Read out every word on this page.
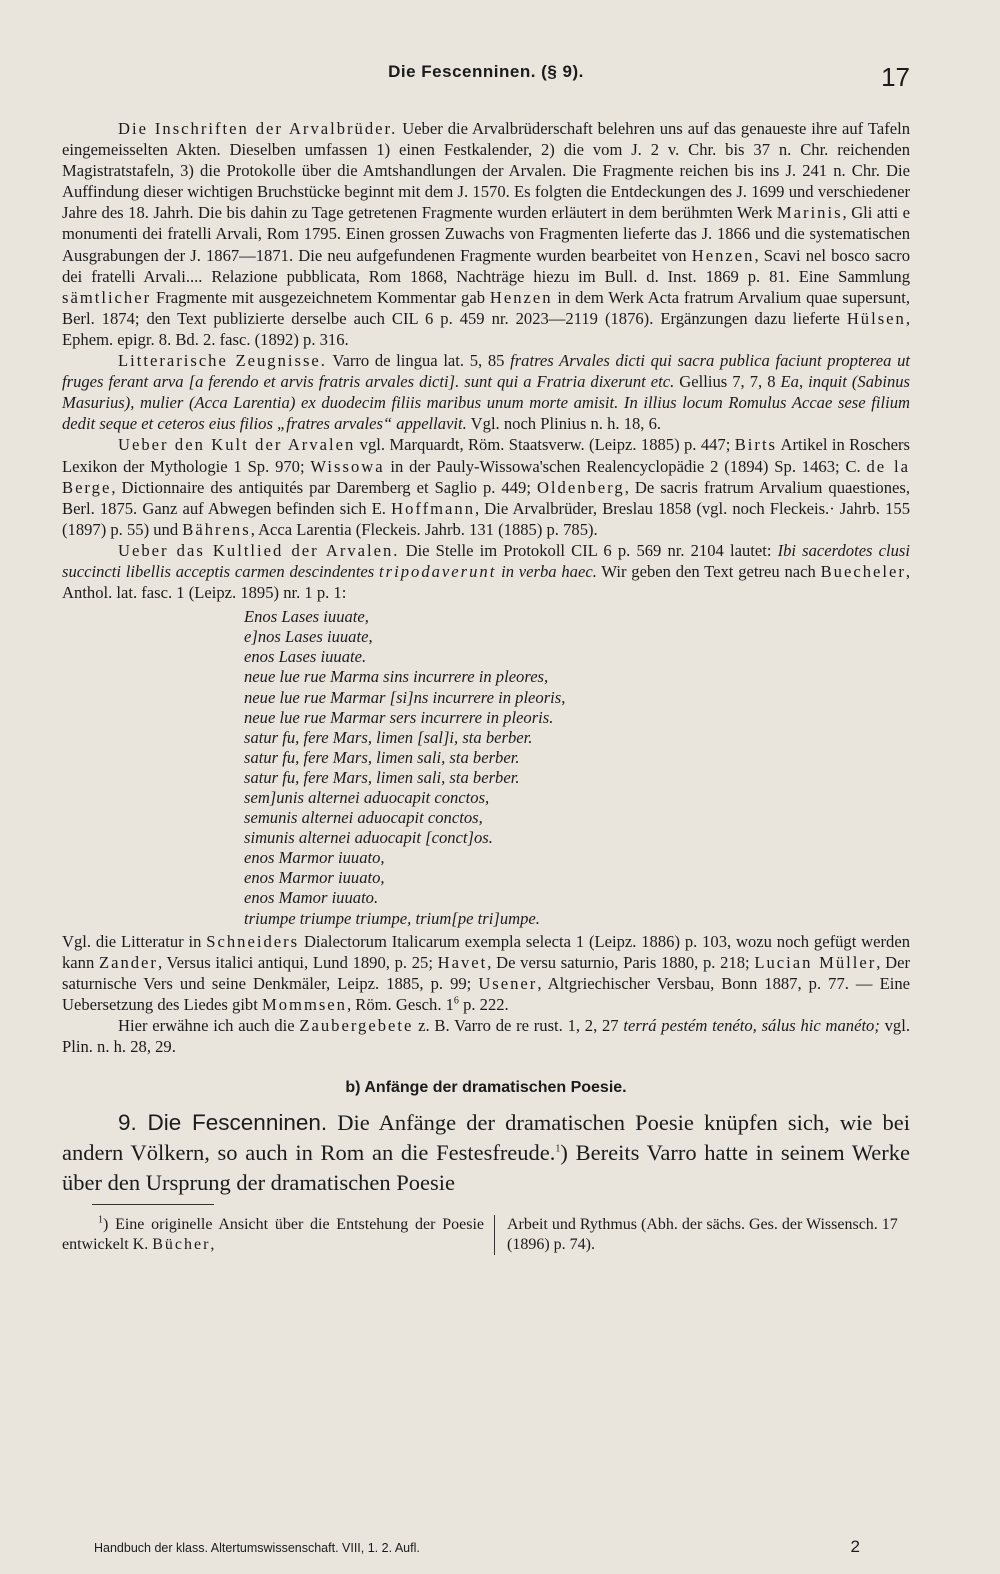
Die Fescenninen. (§ 9).	17

Die Inschriften der Arvalbrüder. Ueber die Arvalbrüderschaft belehren uns auf das genaueste ihre auf Tafeln eingemeisselten Akten. Dieselben umfassen 1) einen Festkalender, 2) die vom J. 2 v. Chr. bis 37 n. Chr. reichenden Magistratstafeln, 3) die Protokolle über die Amtshandlungen der Arvalen. Die Fragmente reichen bis ins J. 241 n. Chr. Die Auffindung dieser wichtigen Bruchstücke beginnt mit dem J. 1570. Es folgten die Entdeckungen des J. 1699 und verschiedener Jahre des 18. Jahrh. Die bis dahin zu Tage getretenen Fragmente wurden erläutert in dem berühmten Werk Marinis, Gli atti e monumenti dei fratelli Arvali, Rom 1795. Einen grossen Zuwachs von Fragmenten lieferte das J. 1866 und die systematischen Ausgrabungen der J. 1867—1871. Die neu aufgefundenen Fragmente wurden bearbeitet von Henzen, Scavi nel bosco sacro dei fratelli Arvali.... Relazione pubblicata, Rom 1868, Nachträge hiezu im Bull. d. Inst. 1869 p. 81. Eine Sammlung sämtlicher Fragmente mit ausgezeichnetem Kommentar gab Henzen in dem Werk Acta fratrum Arvalium quae supersunt, Berl. 1874; den Text publizierte derselbe auch CIL 6 p. 459 nr. 2023—2119 (1876). Ergänzungen dazu lieferte Hülsen, Ephem. epigr. 8. Bd. 2. fasc. (1892) p. 316.

Litterarische Zeugnisse. Varro de lingua lat. 5, 85 fratres Arvales dicti qui sacra publica faciunt propterea ut fruges ferant arva [a ferendo et arvis fratris arvales dicti]. sunt qui a Fratria dixerunt etc. Gellius 7, 7, 8 Ea, inquit (Sabinus Masurius), mulier (Acca Larentia) ex duodecim filiis maribus unum morte amisit. In illius locum Romulus Accae sese filium dedit seque et ceteros eius filios „fratres arvales“ appellavit. Vgl. noch Plinius n. h. 18, 6.

Ueber den Kult der Arvalen vgl. Marquardt, Röm. Staatsverw. (Leipz. 1885) p. 447; Birts Artikel in Roschers Lexikon der Mythologie 1 Sp. 970; Wissowa in der Pauly-Wissowa'schen Realencyclopädie 2 (1894) Sp. 1463; C. de la Berge, Dictionnaire des antiquités par Daremberg et Saglio p. 449; Oldenberg, De sacris fratrum Arvalium quaestiones, Berl. 1875. Ganz auf Abwegen befinden sich E. Hoffmann, Die Arvalbrüder, Breslau 1858 (vgl. noch Fleckeis.· Jahrb. 155 (1897) p. 55) und Bährens, Acca Larentia (Fleckeis. Jahrb. 131 (1885) p. 785).

Ueber das Kultlied der Arvalen. Die Stelle im Protokoll CIL 6 p. 569 nr. 2104 lautet: Ibi sacerdotes clusi succincti libellis acceptis carmen descindentes tripodaverunt in verba haec. Wir geben den Text getreu nach Buecheler, Anthol. lat. fasc. 1 (Leipz. 1895) nr. 1 p. 1:

Enos Lases iuuate,
e]nos Lases iuuate,
enos Lases iuuate.
neue lue rue Marma sins incurrere in pleores,
neue lue rue Marmar [si]ns incurrere in pleoris,
neue lue rue Marmar sers incurrere in pleoris.
satur fu, fere Mars, limen [sal]i, sta berber.
satur fu, fere Mars, limen sali, sta berber.
satur fu, fere Mars, limen sali, sta berber.
sem]unis alternei aduocapit conctos,
semunis alternei aduocapit conctos,
simunis alternei aduocapit [conct]os.
enos Marmor iuuato,
enos Marmor iuuato,
enos Mamor iuuato.
triumpe triumpe triumpe, trium[pe tri]umpe.

Vgl. die Litteratur in Schneiders Dialectorum Italicarum exempla selecta 1 (Leipz. 1886) p. 103, wozu noch gefügt werden kann Zander, Versus italici antiqui, Lund 1890, p. 25; Havet, De versu saturnio, Paris 1880, p. 218; Lucian Müller, Der saturnische Vers und seine Denkmäler, Leipz. 1885, p. 99; Usener, Altgriechischer Versbau, Bonn 1887, p. 77. — Eine Uebersetzung des Liedes gibt Mommsen, Röm. Gesch. $1^6$ p. 222.

Hier erwähne ich auch die Zaubergebete z. B. Varro de re rust. 1, 2, 27 terrá pestém tenéto, sálus hic manéto; vgl. Plin. n. h. 28, 29.

b) Anfänge der dramatischen Poesie.

9. Die Fescenninen. Die Anfänge der dramatischen Poesie knüpfen sich, wie bei andern Völkern, so auch in Rom an die Festesfreude.$^1$) Bereits Varro hatte in seinem Werke über den Ursprung der dramatischen Poesie

$^1$) Eine originelle Ansicht über die Entstehung der Poesie entwickelt K. Bücher,
Arbeit und Rythmus (Abh. der sächs. Ges. der Wissensch. 17 (1896) p. 74).
Handbuch der klass. Altertumswissenschaft. VIII, 1. 2. Aufl.	2
